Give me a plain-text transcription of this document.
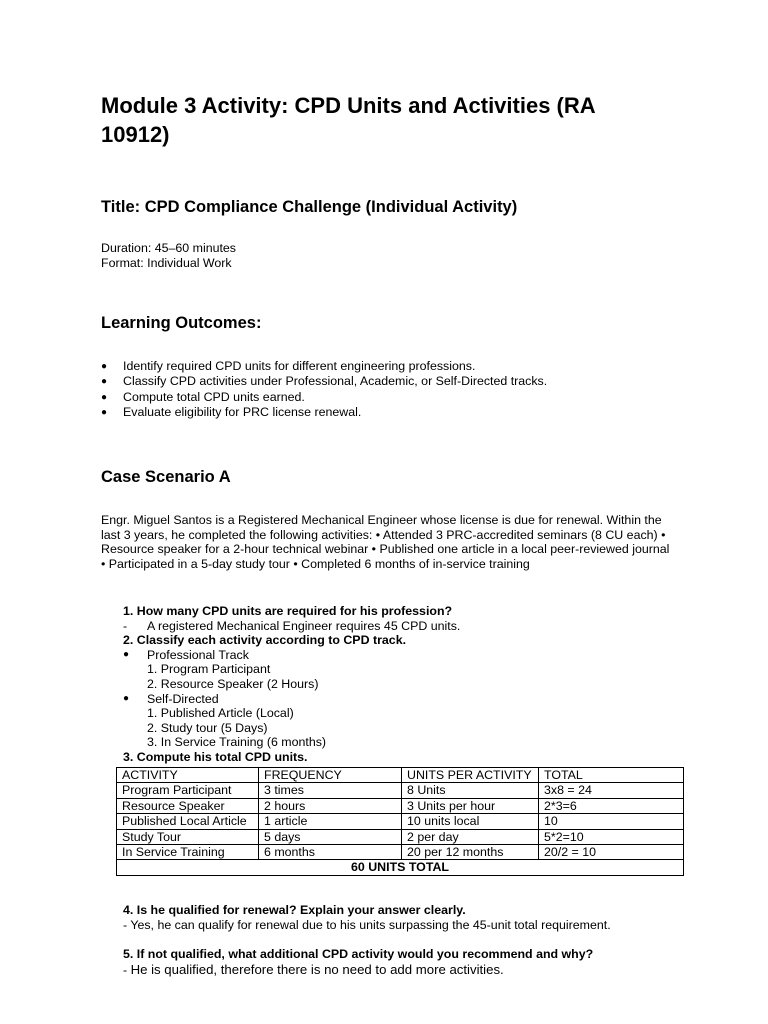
Module 3 Activity: CPD Units and Activities (RA 10912)
Title: CPD Compliance Challenge (Individual Activity)
Duration: 45–60 minutes
Format: Individual Work
Learning Outcomes:
● Identify required CPD units for different engineering professions.
● Classify CPD activities under Professional, Academic, or Self-Directed tracks.
● Compute total CPD units earned.
● Evaluate eligibility for PRC license renewal.
Case Scenario A

Engr. Miguel Santos is a Registered Mechanical Engineer whose license is due for renewal. Within the last 3 years, he completed the following activities: • Attended 3 PRC-accredited seminars (8 CU each) • Resource speaker for a 2-hour technical webinar • Published one article in a local peer-reviewed journal • Participated in a 5-day study tour • Completed 6 months of in-service training

1. How many CPD units are required for his profession?
- A registered Mechanical Engineer requires 45 CPD units.
2. Classify each activity according to CPD track.
● Professional Track
1. Program Participant
2. Resource Speaker (2 Hours)
● Self-Directed
1. Published Article (Local)
2. Study tour (5 Days)
3. In Service Training (6 months)
3. Compute his total CPD units.
ACTIVITY	FREQUENCY	UNITS PER ACTIVITY	TOTAL
Program Participant	3 times	8 Units	3x8 = 24
Resource Speaker	2 hours	3 Units per hour	2*3=6
Published Local Article	1 article	10 units local	10
Study Tour	5 days	2 per day	5*2=10
In Service Training	6 months	20 per 12 months	20/2 = 10
60 UNITS TOTAL			
4. Is he qualified for renewal? Explain your answer clearly.
- Yes, he can qualify for renewal due to his units surpassing the 45-unit total requirement.
5. If not qualified, what additional CPD activity would you recommend and why?
- He is qualified, therefore there is no need to add more activities.
